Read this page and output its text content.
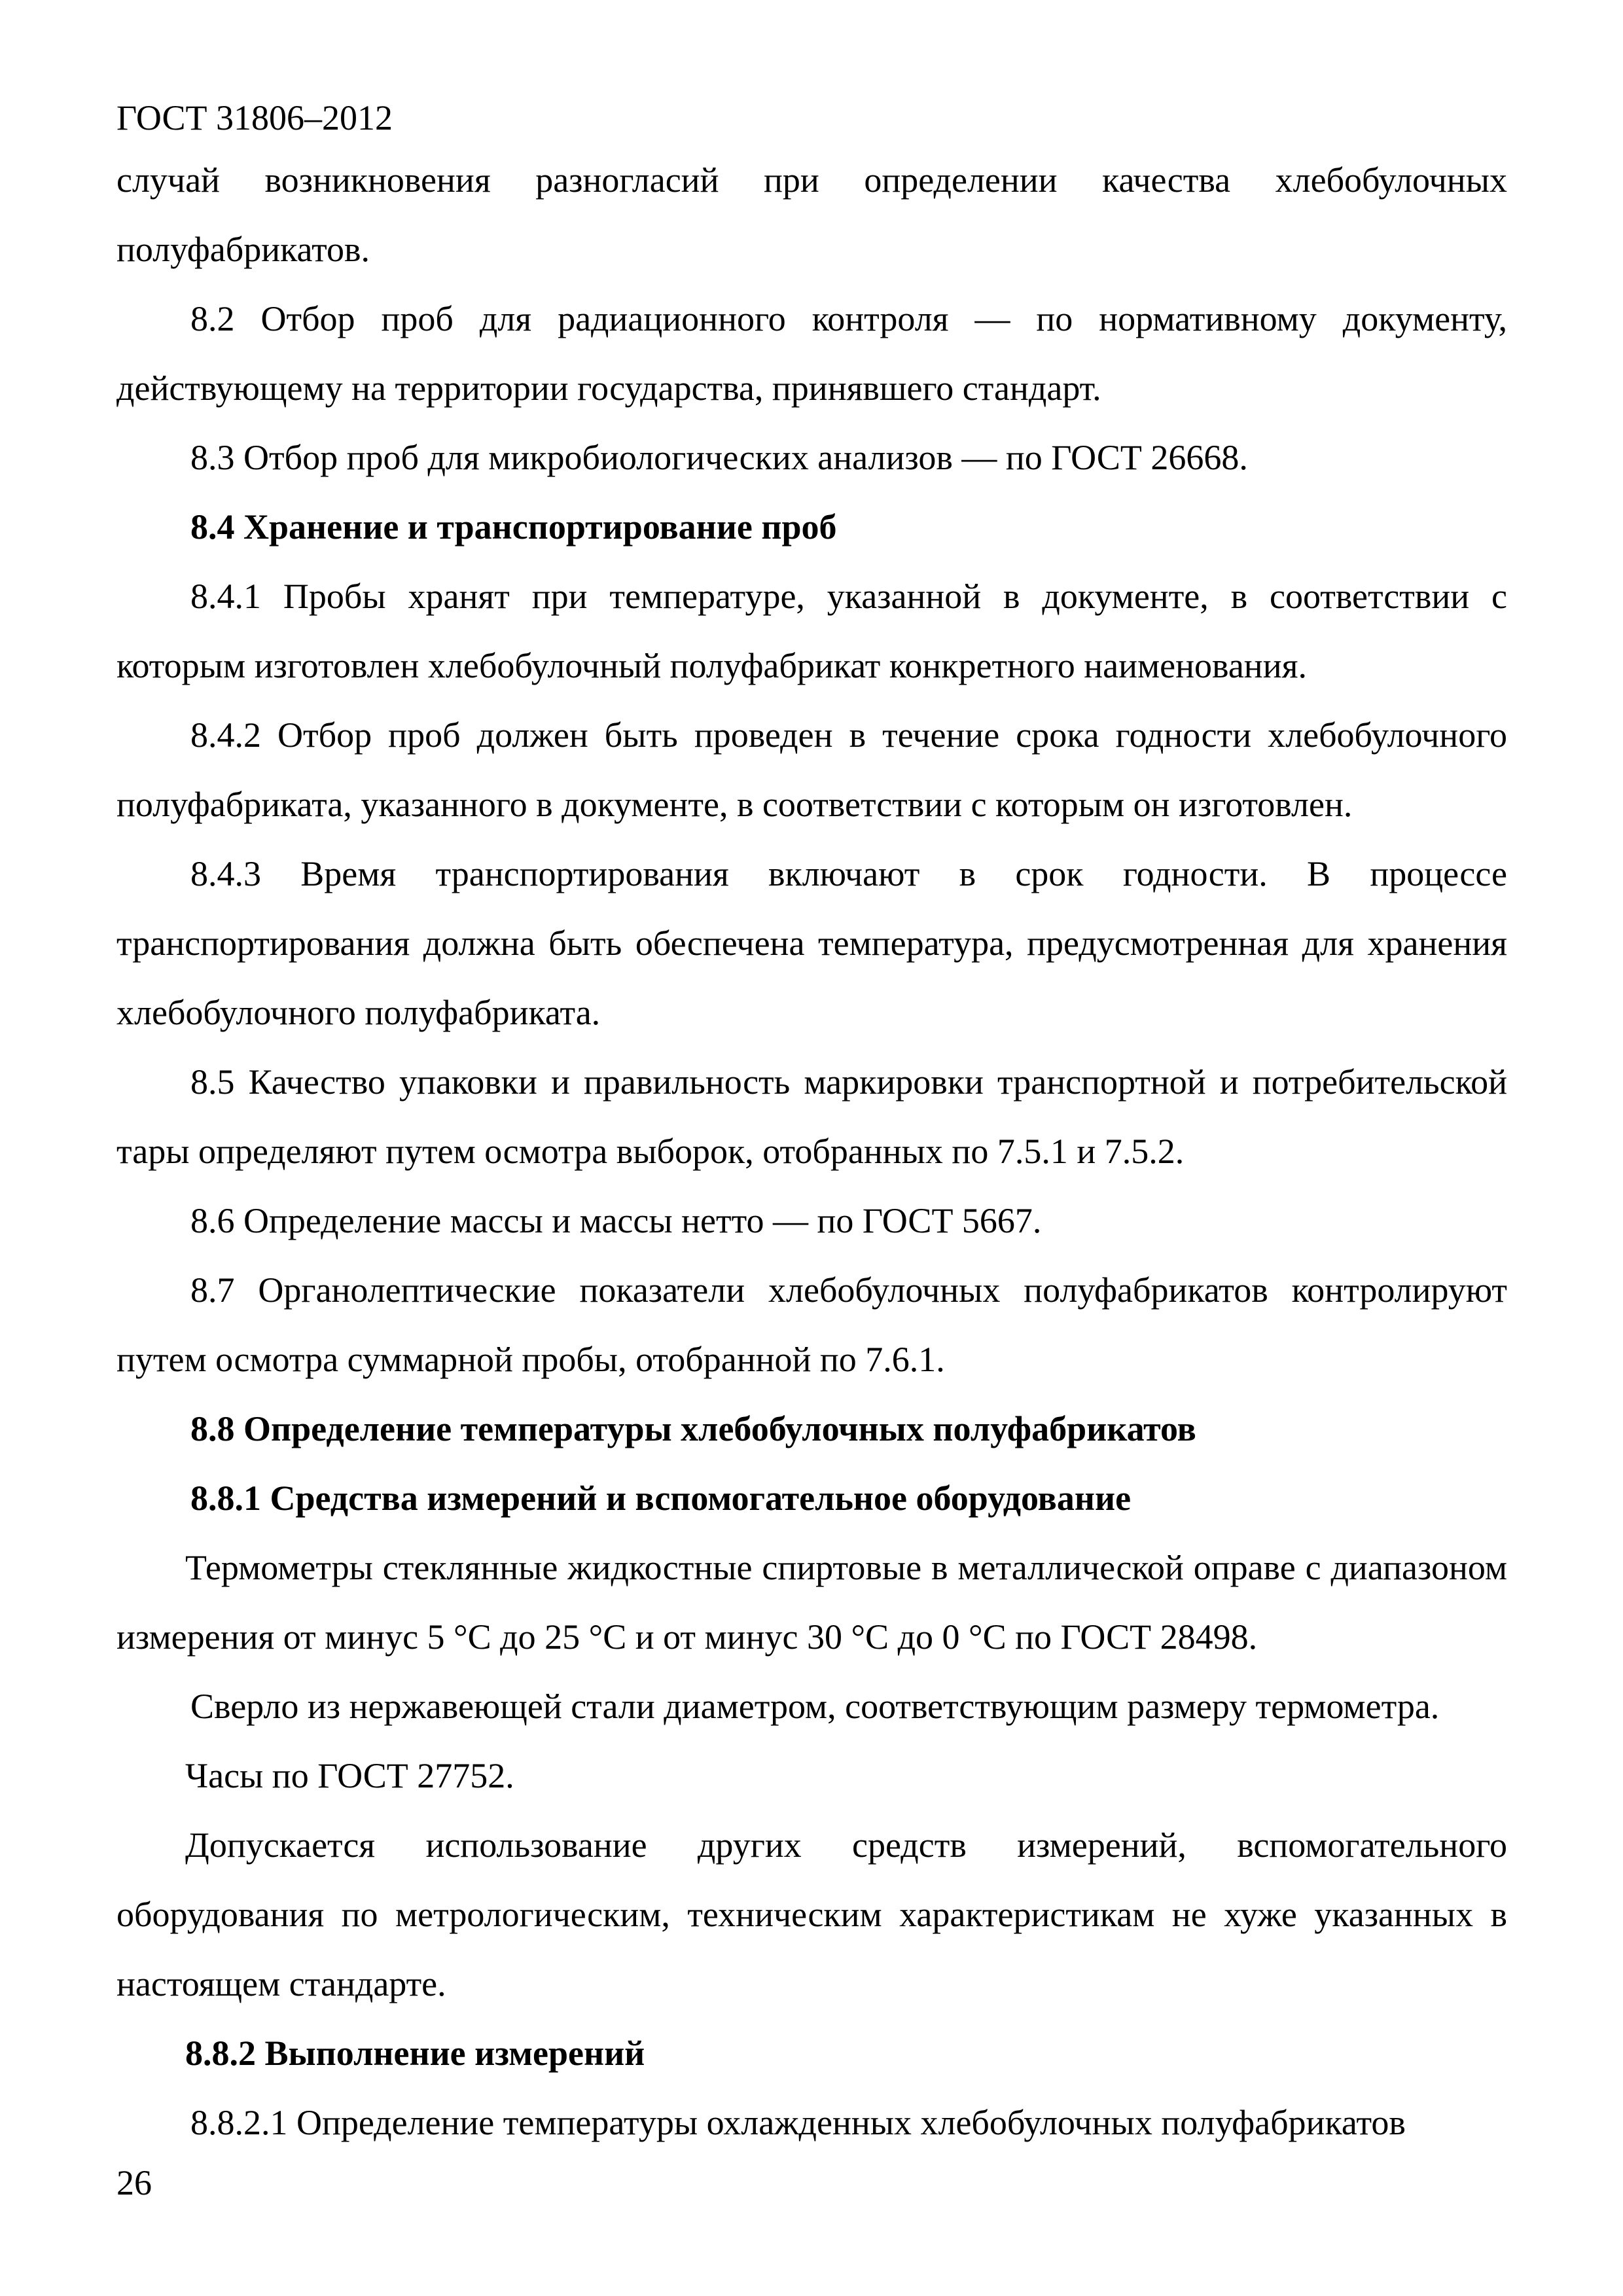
ГОСТ 31806–2012

случай возникновения разногласий при определении качества хлебобулочных полуфабрикатов.

8.2 Отбор проб для радиационного контроля — по нормативному документу, действующему на территории государства, принявшего стандарт.

8.3 Отбор проб для микробиологических анализов — по ГОСТ 26668.

8.4 Хранение и транспортирование проб

8.4.1 Пробы хранят при температуре, указанной в документе, в соответствии с которым изготовлен хлебобулочный полуфабрикат конкретного наименования.

8.4.2 Отбор проб должен быть проведен в течение срока годности хлебобулочного полуфабриката, указанного в документе, в соответствии с которым он изготовлен.

8.4.3 Время транспортирования включают в срок годности. В процессе транспортирования должна быть обеспечена температура, предусмотренная для хранения хлебобулочного полуфабриката.

8.5 Качество упаковки и правильность маркировки транспортной и потребительской тары определяют путем осмотра выборок, отобранных по 7.5.1 и 7.5.2.

8.6 Определение массы и массы нетто — по ГОСТ 5667.

8.7 Органолептические показатели хлебобулочных полуфабрикатов контролируют путем осмотра суммарной пробы, отобранной по 7.6.1.

8.8 Определение температуры хлебобулочных полуфабрикатов

8.8.1 Средства измерений и вспомогательное оборудование

Термометры стеклянные жидкостные спиртовые в металлической оправе с диапазоном измерения от минус 5 °С до 25 °С и от минус 30 °С до 0 °С по ГОСТ 28498.

Сверло из нержавеющей стали диаметром, соответствующим размеру термометра.

Часы по ГОСТ 27752.

Допускается использование других средств измерений, вспомогательного оборудования по метрологическим, техническим характеристикам не хуже указанных в настоящем стандарте.

8.8.2 Выполнение измерений

8.8.2.1 Определение температуры охлажденных хлебобулочных полуфабрикатов

26
